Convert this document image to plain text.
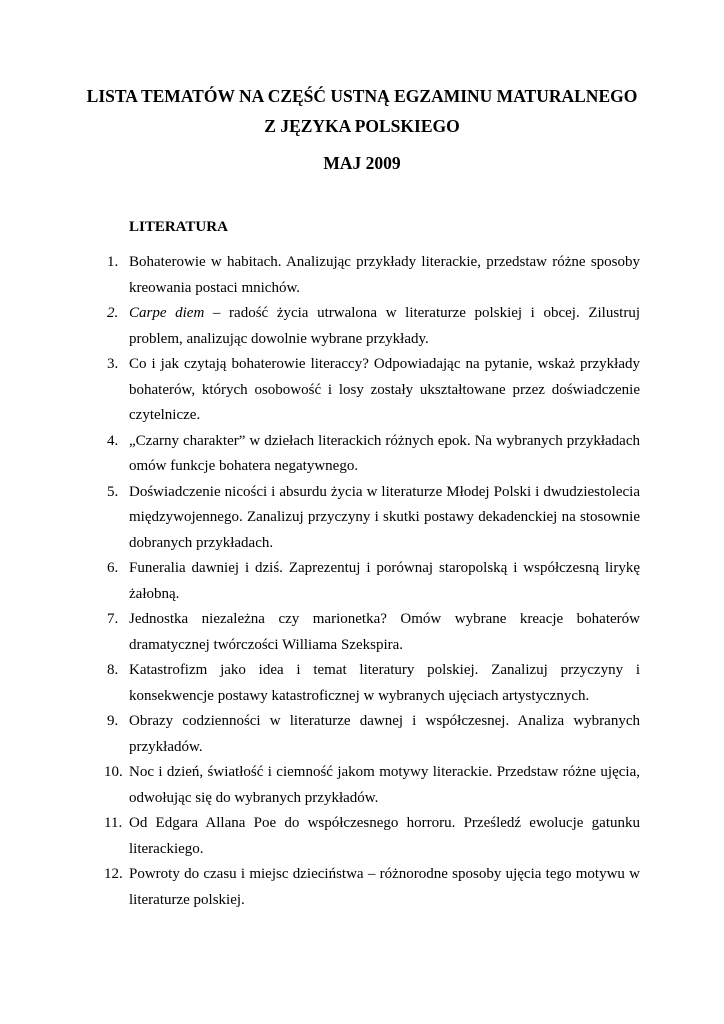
LISTA TEMATÓW NA CZĘŚĆ USTNĄ EGZAMINU MATURALNEGO
Z JĘZYKA POLSKIEGO
MAJ 2009
LITERATURA
1. Bohaterowie w habitach. Analizując przykłady literackie, przedstaw różne sposoby kreowania postaci mnichów.
2. Carpe diem – radość życia utrwalona w literaturze polskiej i obcej. Zilustruj problem, analizując dowolnie wybrane przykłady.
3. Co i jak czytają bohaterowie literaccy? Odpowiadając na pytanie, wskaż przykłady bohaterów, których osobowość i losy zostały ukształtowane przez doświadczenie czytelnicze.
4. „Czarny charakter” w dziełach literackich różnych epok. Na wybranych przykładach omów funkcje bohatera negatywnego.
5. Doświadczenie nicości i absurdu życia w literaturze Młodej Polski i dwudziestolecia międzywojennego. Zanalizuj przyczyny i skutki postawy dekadenckiej na stosownie dobranych przykładach.
6. Funeralia dawniej i dziś. Zaprezentuj i porównaj staropolską i współczesną lirykę żałobną.
7. Jednostka niezależna czy marionetka? Omów wybrane kreacje bohaterów dramatycznej twórczości Williama Szekspira.
8. Katastrofizm jako idea i temat literatury polskiej. Zanalizuj przyczyny i konsekwencje postawy katastroficznej w wybranych ujęciach artystycznych.
9. Obrazy codzienności w literaturze dawnej i współczesnej. Analiza wybranych przykładów.
10. Noc i dzień, światłość i ciemność jakom motywy literackie. Przedstaw różne ujęcia, odwołując się do wybranych przykładów.
11. Od Edgara Allana Poe do współczesnego horroru. Prześledź ewolucje gatunku literackiego.
12. Powroty do czasu i miejsc dzieciństwa – różnorodne sposoby ujęcia tego motywu w literaturze polskiej.
